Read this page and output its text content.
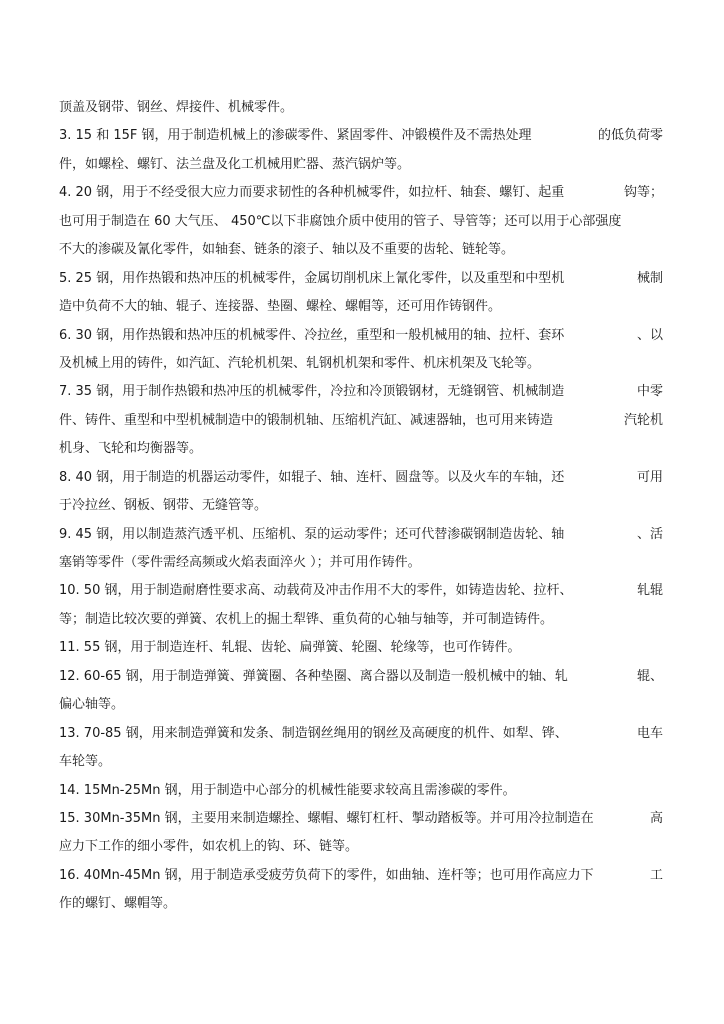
顶盖及钢带、钢丝、焊接件、机械零件。
3. 15 和 15F 钢，用于制造机械上的渗碳零件、紧固零件、冲锻模件及不需热处理	的低负荷零
件，如螺栓、螺钉、法兰盘及化工机械用贮器、蒸汽锅炉等。
4. 20 钢，用于不经受很大应力而要求韧性的各种机械零件，如拉杆、轴套、螺钉、起重	钩等；
也可用于制造在 60 大气压、 450℃以下非腐蚀介质中使用的管子、导管等；还可以用于心部强度
不大的渗碳及氰化零件，如轴套、链条的滚子、轴以及不重要的齿轮、链轮等。
5. 25 钢，用作热锻和热冲压的机械零件，金属切削机床上氰化零件，以及重型和中型机	械制
造中负荷不大的轴、辊子、连接器、垫圈、螺栓、螺帽等，还可用作铸钢件。
6. 30 钢，用作热锻和热冲压的机械零件、冷拉丝，重型和一般机械用的轴、拉杆、套环	、以
及机械上用的铸件，如汽缸、汽轮机机架、轧钢机机架和零件、机床机架及飞轮等。
7. 35 钢，用于制作热锻和热冲压的机械零件，冷拉和冷顶锻钢材，无缝钢管、机械制造	中零
件、铸件、重型和中型机械制造中的锻制机轴、压缩机汽缸、减速器轴，也可用来铸造	汽轮机
机身、飞轮和均衡器等。
8. 40 钢，用于制造的机器运动零件，如辊子、轴、连杆、圆盘等。以及火车的车轴，还	可用
于冷拉丝、钢板、钢带、无缝管等。
9. 45 钢，用以制造蒸汽透平机、压缩机、泵的运动零件；还可代替渗碳钢制造齿轮、轴	、活
塞销等零件（零件需经高频或火焰表面淬火 ）；并可用作铸件。
10. 50 钢，用于制造耐磨性要求高、动载荷及冲击作用不大的零件，如铸造齿轮、拉杆、	轧辊
等；制造比较次要的弹簧、农机上的掘土犁铧、重负荷的心轴与轴等，并可制造铸件。
11. 55 钢，用于制造连杆、轧辊、齿轮、扁弹簧、轮圈、轮缘等，也可作铸件。
12. 60-65 钢，用于制造弹簧、弹簧圈、各种垫圈、离合器以及制造一般机械中的轴、轧	辊、
偏心轴等。
13. 70-85 钢，用来制造弹簧和发条、制造钢丝绳用的钢丝及高硬度的机件、如犁、铧、	电车
车轮等。
14. 15Mn-25Mn 钢，用于制造中心部分的机械性能要求较高且需渗碳的零件。
15. 30Mn-35Mn 钢，主要用来制造螺拴、螺帽、螺钉杠杆、掣动踏板等。并可用冷拉制造在	高
应力下工作的细小零件，如农机上的钩、环、链等。
16. 40Mn-45Mn 钢，用于制造承受疲劳负荷下的零件，如曲轴、连杆等；也可用作高应力下	工
作的螺钉、螺帽等。
